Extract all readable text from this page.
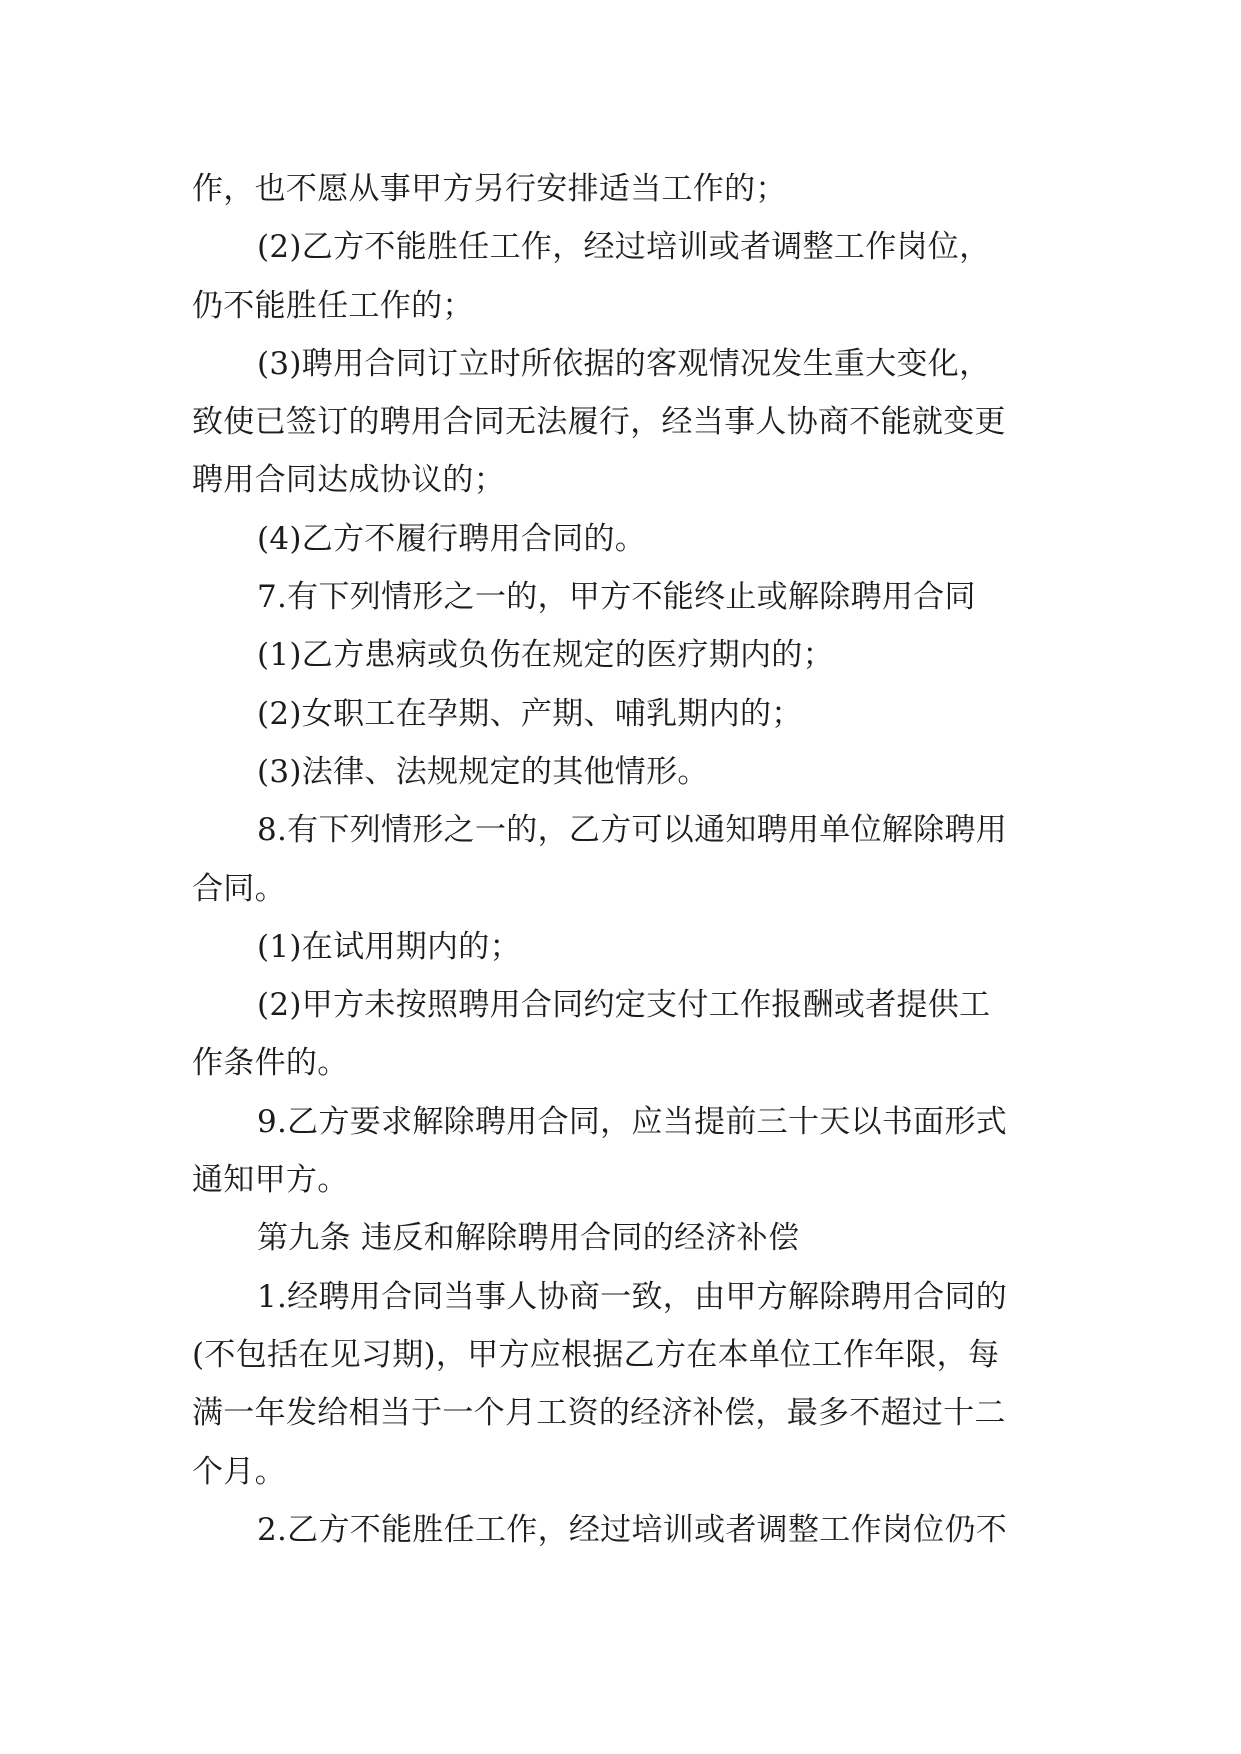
作，也不愿从事甲方另行安排适当工作的；
(2)乙方不能胜任工作，经过培训或者调整工作岗位，
仍不能胜任工作的；
(3)聘用合同订立时所依据的客观情况发生重大变化，
致使已签订的聘用合同无法履行，经当事人协商不能就变更
聘用合同达成协议的；
(4)乙方不履行聘用合同的。
7.有下列情形之一的，甲方不能终止或解除聘用合同
(1)乙方患病或负伤在规定的医疗期内的；
(2)女职工在孕期、产期、哺乳期内的；
(3)法律、法规规定的其他情形。
8.有下列情形之一的，乙方可以通知聘用单位解除聘用
合同。
(1)在试用期内的；
(2)甲方未按照聘用合同约定支付工作报酬或者提供工
作条件的。
9.乙方要求解除聘用合同，应当提前三十天以书面形式
通知甲方。
第九条 违反和解除聘用合同的经济补偿
1.经聘用合同当事人协商一致，由甲方解除聘用合同的
(不包括在见习期)，甲方应根据乙方在本单位工作年限，每
满一年发给相当于一个月工资的经济补偿，最多不超过十二
个月。
2.乙方不能胜任工作，经过培训或者调整工作岗位仍不
